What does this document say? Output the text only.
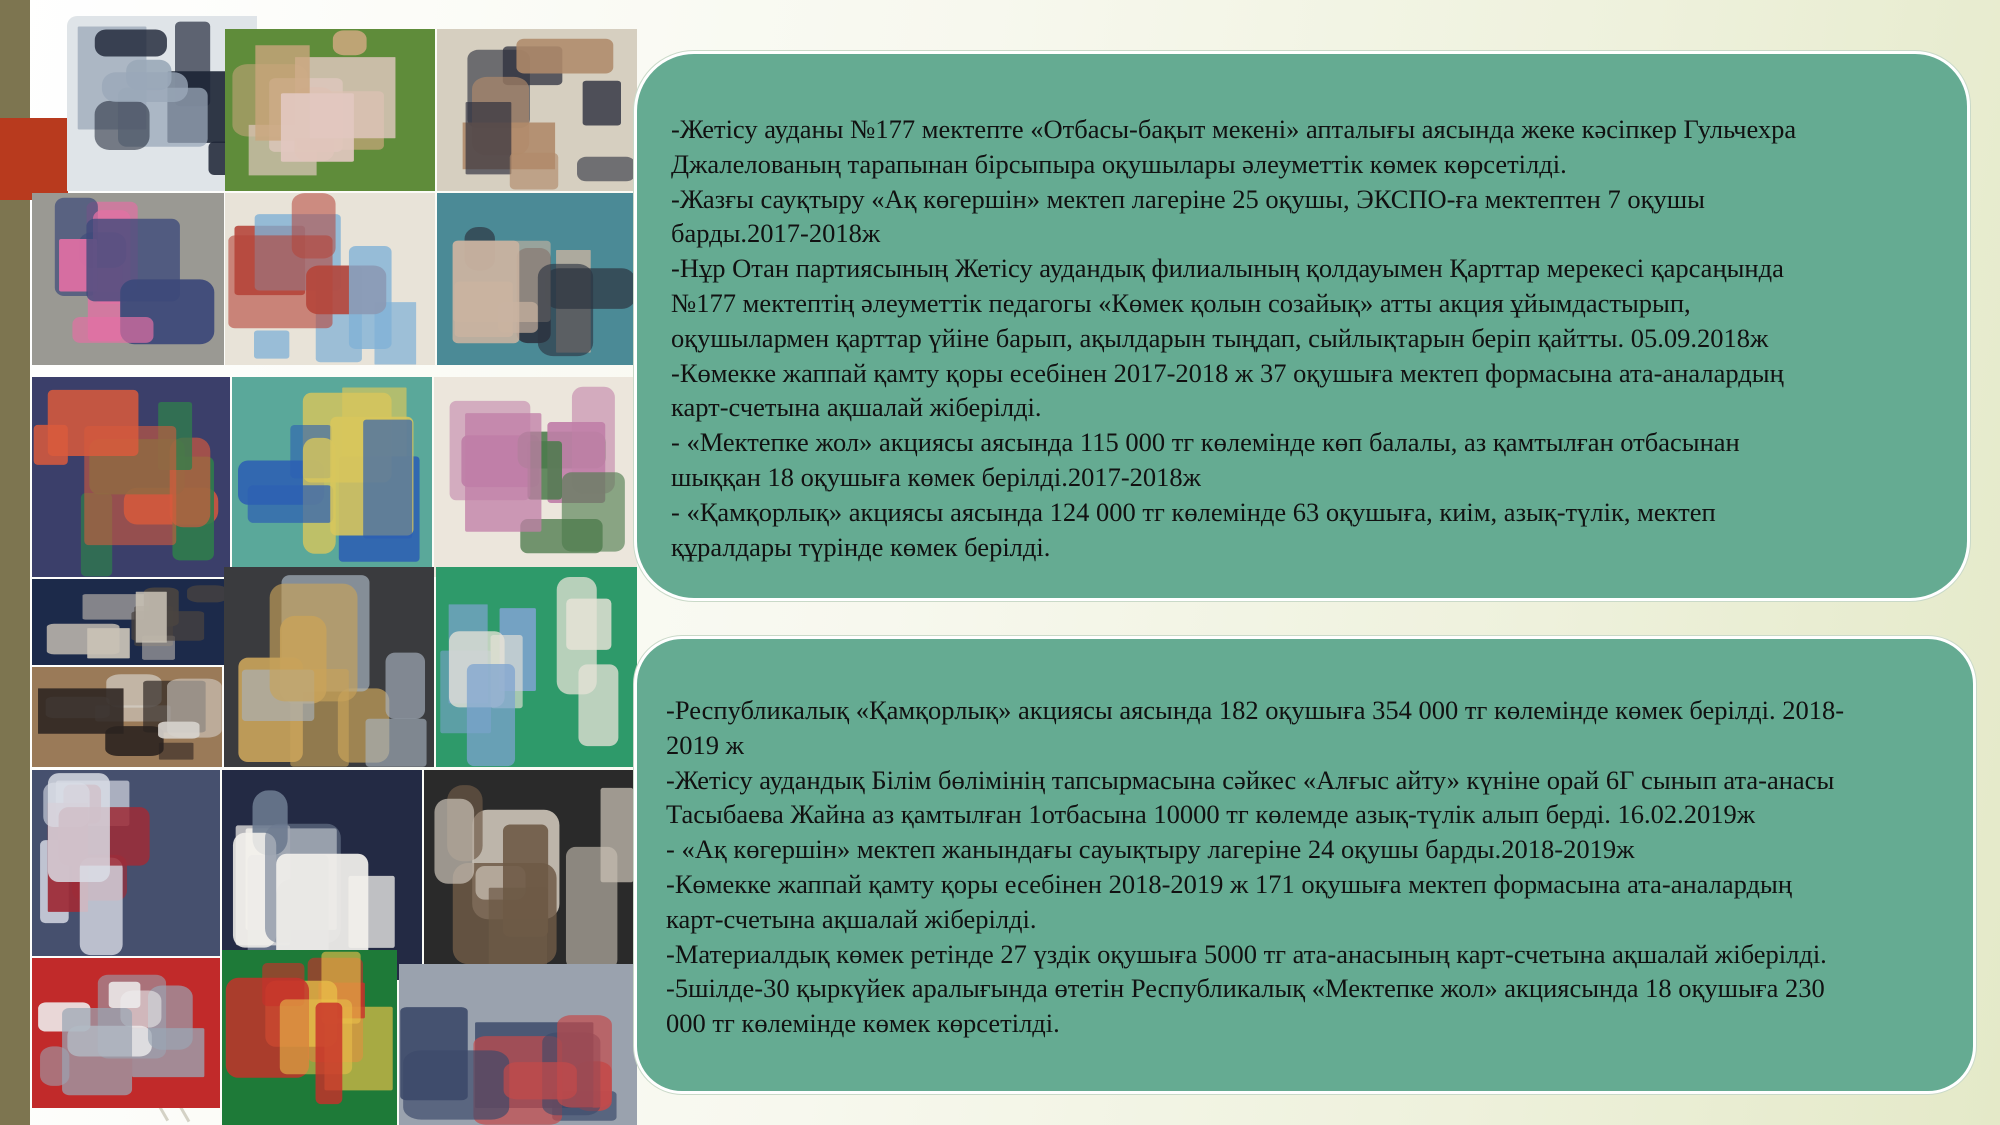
-Жетісу ауданы №177 мектепте «Отбасы-бақыт мекені» апталығы аясында жеке кәсіпкер Гульчехра
Джалелованың тарапынан бірсыпыра оқушылары әлеуметтік көмек көрсетілді.
-Жазғы сауқтыру «Ақ көгершін» мектеп лагеріне 25 оқушы, ЭКСПО-ға мектептен 7 оқушы
барды.2017-2018ж
-Нұр Отан партиясының Жетісу аудандық филиалының қолдауымен Қарттар мерекесі қарсаңында
№177 мектептің әлеуметтік педагогы «Көмек қолын созайық» атты акция ұйымдастырып,
оқушылармен қарттар үйіне барып, ақылдарын тыңдап, сыйлықтарын беріп қайтты. 05.09.2018ж
-Көмекке жаппай қамту қоры есебінен 2017-2018 ж 37 оқушыға мектеп формасына ата-аналардың
карт-счетына ақшалай жіберілді.
- «Мектепке жол» акциясы аясында 115 000 тг көлемінде көп балалы, аз қамтылған отбасынан
шыққан 18 оқушыға көмек берілді.2017-2018ж
- «Қамқорлық» акциясы аясында 124 000 тг көлемінде 63 оқушыға, киім, азық-түлік, мектеп
құралдары түрінде көмек берілді.
-Республикалық «Қамқорлық» акциясы аясында 182 оқушыға 354 000 тг көлемінде көмек берілді. 2018-
2019 ж
-Жетісу аудандық Білім бөлімінің тапсырмасына сәйкес «Алғыс айту» күніне орай 6Г сынып ата-анасы
Тасыбаева Жайна аз қамтылған 1отбасына 10000 тг көлемде азық-түлік алып берді. 16.02.2019ж
- «Ақ көгершін» мектеп жанындағы сауықтыру лагеріне 24 оқушы барды.2018-2019ж
-Көмекке жаппай қамту қоры есебінен 2018-2019 ж 171 оқушыға мектеп формасына ата-аналардың
карт-счетына ақшалай жіберілді.
-Материалдық көмек ретінде 27 үздік оқушыға 5000 тг ата-анасының карт-счетына ақшалай жіберілді.
-5шілде-30 қыркүйек аралығында өтетін Республикалық «Мектепке жол» акциясында 18 оқушыға 230
000 тг көлемінде көмек көрсетілді.
